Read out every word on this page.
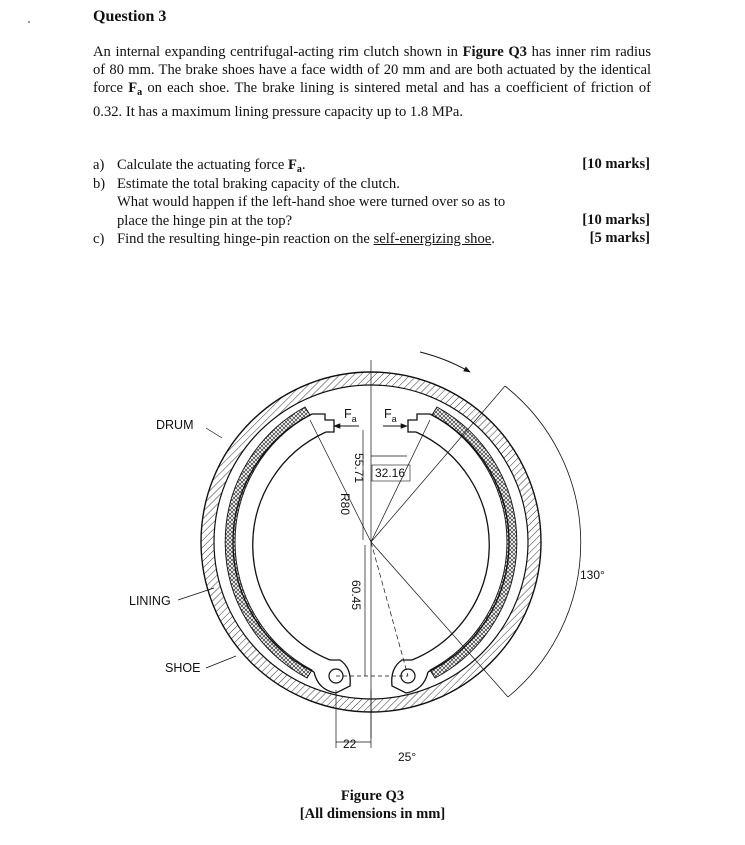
Question 3
An internal expanding centrifugal-acting rim clutch shown in Figure Q3 has inner rim radius of 80 mm. The brake shoes have a face width of 20 mm and are both actuated by the identical force $F_a$ on each shoe. The brake lining is sintered metal and has a coefficient of friction of 0.32. It has a maximum lining pressure capacity up to 1.8 MPa.
a) Calculate the actuating force $F_a$.	[10 marks]
b) Estimate the total braking capacity of the clutch.
What would happen if the left-hand shoe were turned over so as to
place the hinge pin at the top?	[10 marks]
c) Find the resulting hinge-pin reaction on the self-energizing shoe.	[5 marks]
$F_a$ $F_a$
DRUM
LINING
SHOE
R80
55.71 32.16
60.45
130°
22
25°
Figure Q3
[All dimensions in mm]
